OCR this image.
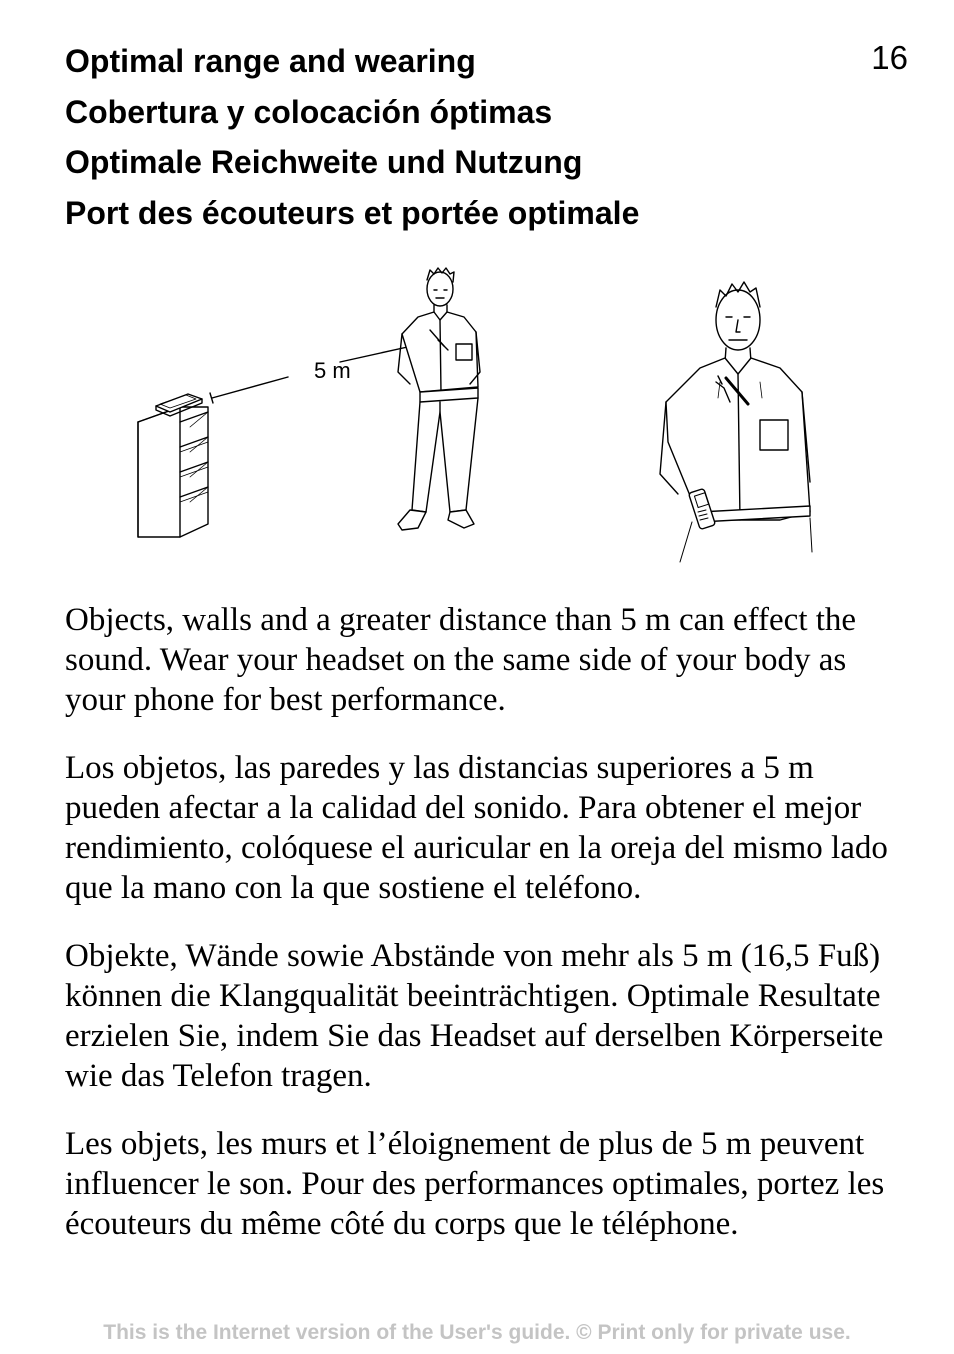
16
Optimal range and wearing
Cobertura y colocación óptimas
Optimale Reichweite und Nutzung
Port des écouteurs et portée optimale
5 m

Objects, walls and a greater distance than 5 m can effect the sound. Wear your headset on the same side of your body as your phone for best performance.

Los objetos, las paredes y las distancias superiores a 5 m pueden afectar a la calidad del sonido. Para obtener el mejor rendimiento, colóquese el auricular en la oreja del mismo lado que la mano con la que sostiene el teléfono.

Objekte, Wände sowie Abstände von mehr als 5 m (16,5 Fuß) können die Klangqualität beeinträchtigen. Optimale Resultate erzielen Sie, indem Sie das Headset auf derselben Körperseite wie das Telefon tragen.

Les objets, les murs et l’éloignement de plus de 5 m peuvent influencer le son. Pour des performances optimales, portez les écouteurs du même côté du corps que le téléphone.

This is the Internet version of the User's guide. © Print only for private use.
